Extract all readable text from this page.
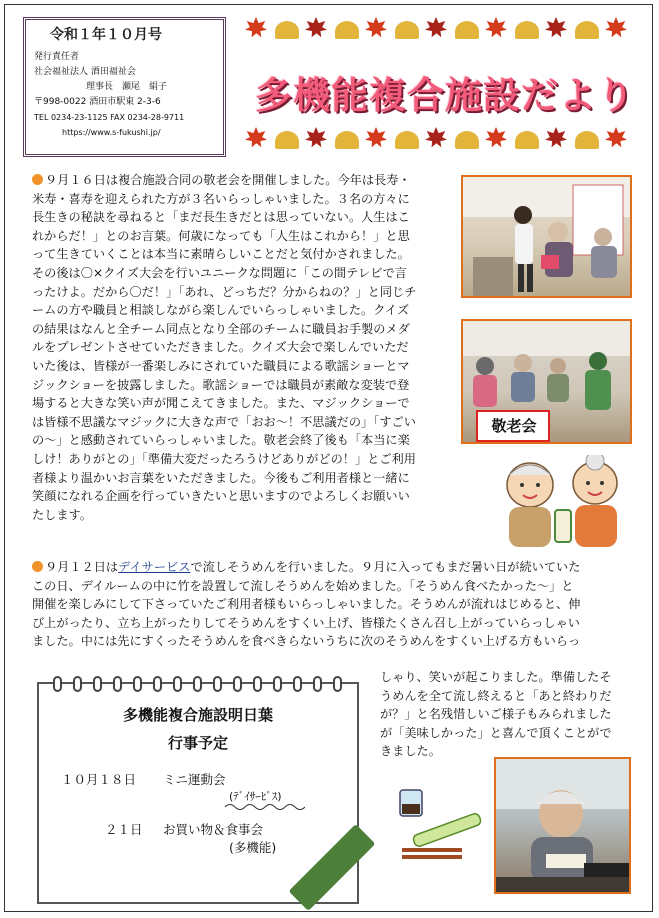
令和１年１０月号
発行責任者
社会福祉法人 酒田福祉会
理事長　瀬尾　絹子
〒998-0022 酒田市駅東 2-3-6
TEL 0234-23-1125 FAX 0234-28-9711
https://www.s-fukushi.jp/
多機能複合施設だより
９月１６日は複合施設合同の敬老会を開催しました。今年は長寿・
米寿・喜寿を迎えられた方が３名いらっしゃいました。３名の方々に
長生きの秘訣を尋ねると「まだ長生きだとは思っていない。人生はこ
れからだ！」とのお言葉。何歳になっても「人生はこれから！」と思
って生きていくことは本当に素晴らしいことだと気付かされました。
その後は〇×クイズ大会を行いユニークな問題に「この間テレビで言
ったけよ。だから〇だ！」「あれ、どっちだ？分からねの？」と同じチ
ームの方や職員と相談しながら楽しんでいらっしゃいました。クイズ
の結果はなんと全チーム同点となり全部のチームに職員お手製のメダ
ルをプレゼントさせていただきました。クイズ大会で楽しんでいただ
いた後は、皆様が一番楽しみにされていた職員による歌謡ショーとマ
ジックショーを披露しました。歌謡ショーでは職員が素敵な変装で登
場すると大きな笑い声が聞こえてきました。また、マジックショーで
は皆様不思議なマジックに大きな声で「おお～！不思議だの」「すごい
の～」と感動されていらっしゃいました。敬老会終了後も「本当に楽
しけ！ありがとの」「準備大変だったろうけどありがどの！」とご利用
者様より温かいお言葉をいただきました。今後もご利用者様と一緒に
笑顔になれる企画を行っていきたいと思いますのでよろしくお願いい
たします。
敬老会
９月１２日はデイサービスで流しそうめんを行いました。９月に入ってもまだ暑い日が続いていた
この日、デイルームの中に竹を設置して流しそうめんを始めました。「そうめん食べたかった～」と
開催を楽しみにして下さっていたご利用者様もいらっしゃいました。そうめんが流れはじめると、伸
び上がったり、立ち上がったりしてそうめんをすくい上げ、皆様たくさん召し上がっていらっしゃい
ました。中には先にすくったそうめんを食べきらないうちに次のそうめんをすくい上げる方もいらっ
しゃり、笑いが起こりました。準備したそ
うめんを全て流し終えると「あと終わりだ
が？」と名残惜しいご様子もみられました
が「美味しかった」と喜んで頂くことがで
きました。
多機能複合施設明日葉
行事予定
１０月１８日 ミニ運動会
(ﾃﾞｲｻｰﾋﾞｽ)
２１日 お買い物＆食事会
(多機能)
